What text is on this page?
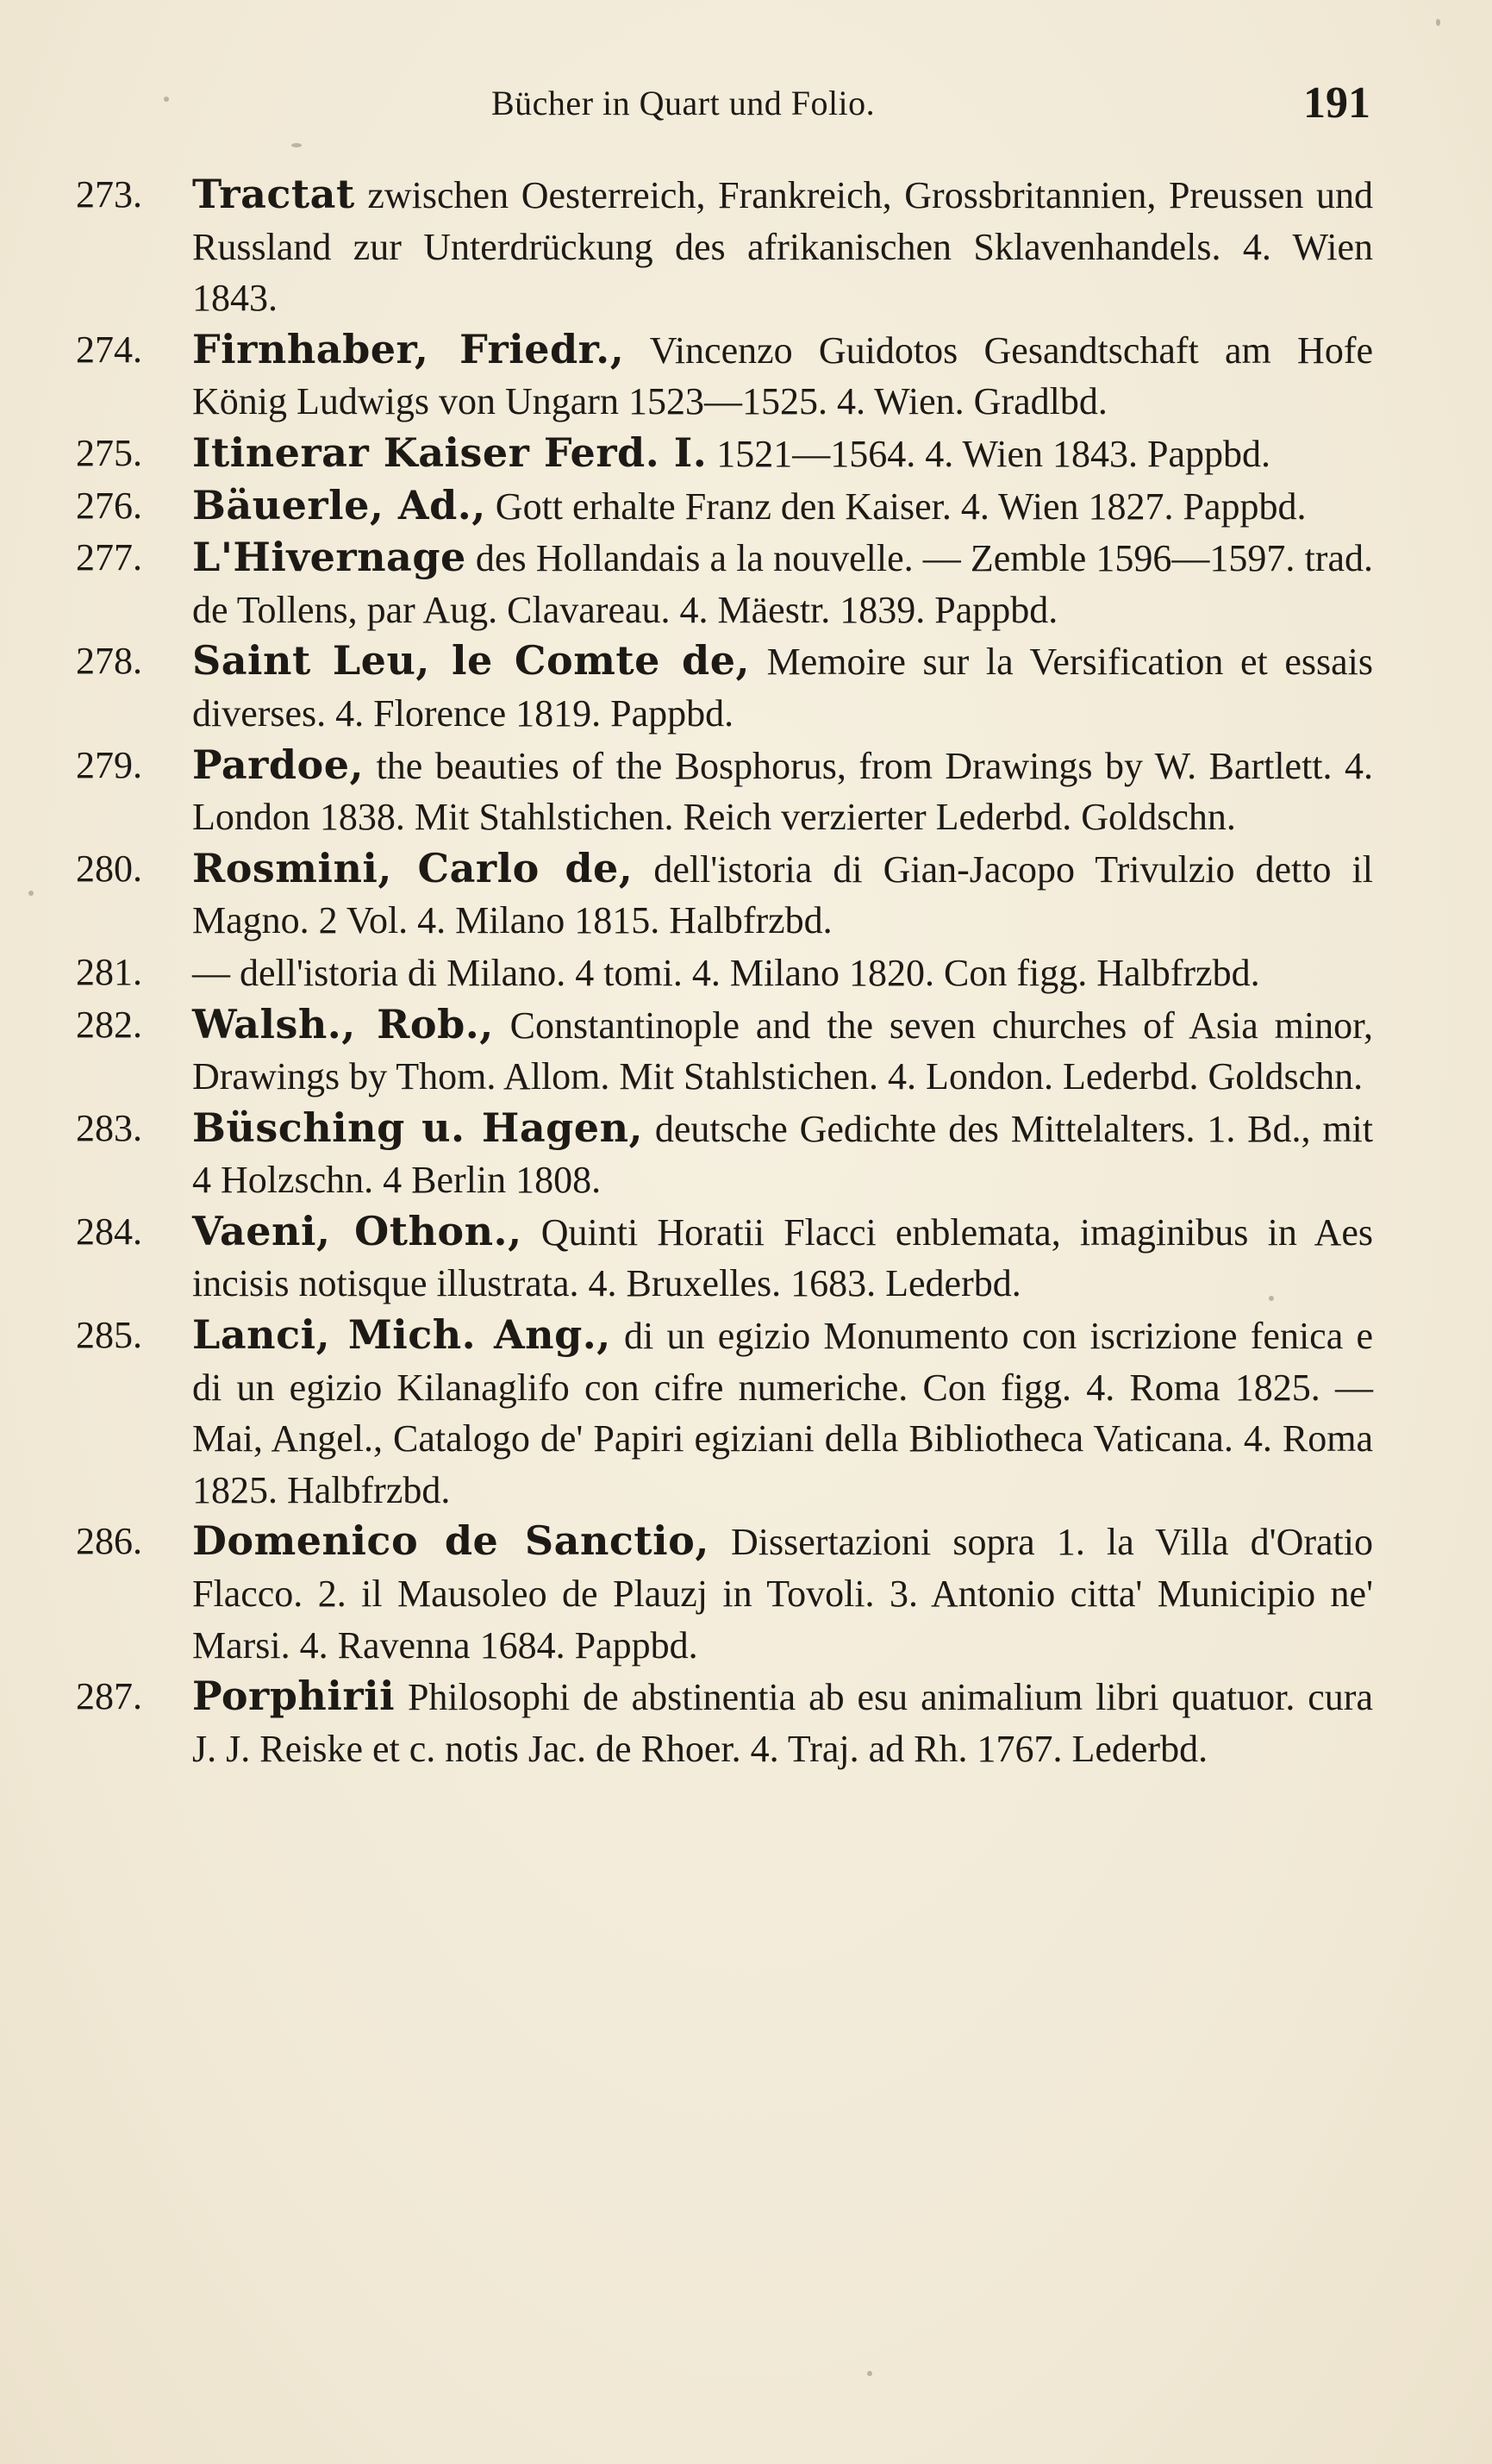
Bücher in Quart und Folio.	191
273.	Tractat zwischen Oesterreich, Frankreich, Grossbritannien, Preussen und Russland zur Unterdrückung des afrikanischen Sklavenhandels. 4. Wien 1843.
274.	Firnhaber, Friedr., Vincenzo Guidotos Gesandtschaft am Hofe König Ludwigs von Ungarn 1523—1525. 4. Wien. Gradlbd.
275.	Itinerar Kaiser Ferd. I. 1521—1564. 4. Wien 1843. Pappbd.
276.	Bäuerle, Ad., Gott erhalte Franz den Kaiser. 4. Wien 1827. Pappbd.
277.	L'Hivernage des Hollandais a la nouvelle. — Zemble 1596—1597. trad. de Tollens, par Aug. Clavareau. 4. Mäestr. 1839. Pappbd.
278.	Saint Leu, le Comte de, Memoire sur la Versification et essais diverses. 4. Florence 1819. Pappbd.
279.	Pardoe, the beauties of the Bosphorus, from Drawings by W. Bartlett. 4. London 1838. Mit Stahlstichen. Reich verzierter Lederbd. Goldschn.
280.	Rosmini, Carlo de, dell'istoria di Gian-Jacopo Trivulzio detto il Magno. 2 Vol. 4. Milano 1815. Halbfrzbd.
281.	— dell'istoria di Milano. 4 tomi. 4. Milano 1820. Con figg. Halbfrzbd.
282.	Walsh., Rob., Constantinople and the seven churches of Asia minor, Drawings by Thom. Allom. Mit Stahlstichen. 4. London. Lederbd. Goldschn.
283.	Büsching u. Hagen, deutsche Gedichte des Mittelalters. 1. Bd., mit 4 Holzschn. 4 Berlin 1808.
284.	Vaeni, Othon., Quinti Horatii Flacci enblemata, imaginibus in Aes incisis notisque illustrata. 4. Bruxelles. 1683. Lederbd.
285.	Lanci, Mich. Ang., di un egizio Monumento con iscrizione fenica e di un egizio Kilanaglifo con cifre numeriche. Con figg. 4. Roma 1825. — Mai, Angel., Catalogo de' Papiri egiziani della Bibliotheca Vaticana. 4. Roma 1825. Halbfrzbd.
286.	Domenico de Sanctio, Dissertazioni sopra 1. la Villa d'Oratio Flacco. 2. il Mausoleo de Plauzj in Tovoli. 3. Antonio citta' Municipio ne' Marsi. 4. Ravenna 1684. Pappbd.
287.	Porphirii Philosophi de abstinentia ab esu animalium libri quatuor. cura J. J. Reiske et c. notis Jac. de Rhoer. 4. Traj. ad Rh. 1767. Lederbd.
